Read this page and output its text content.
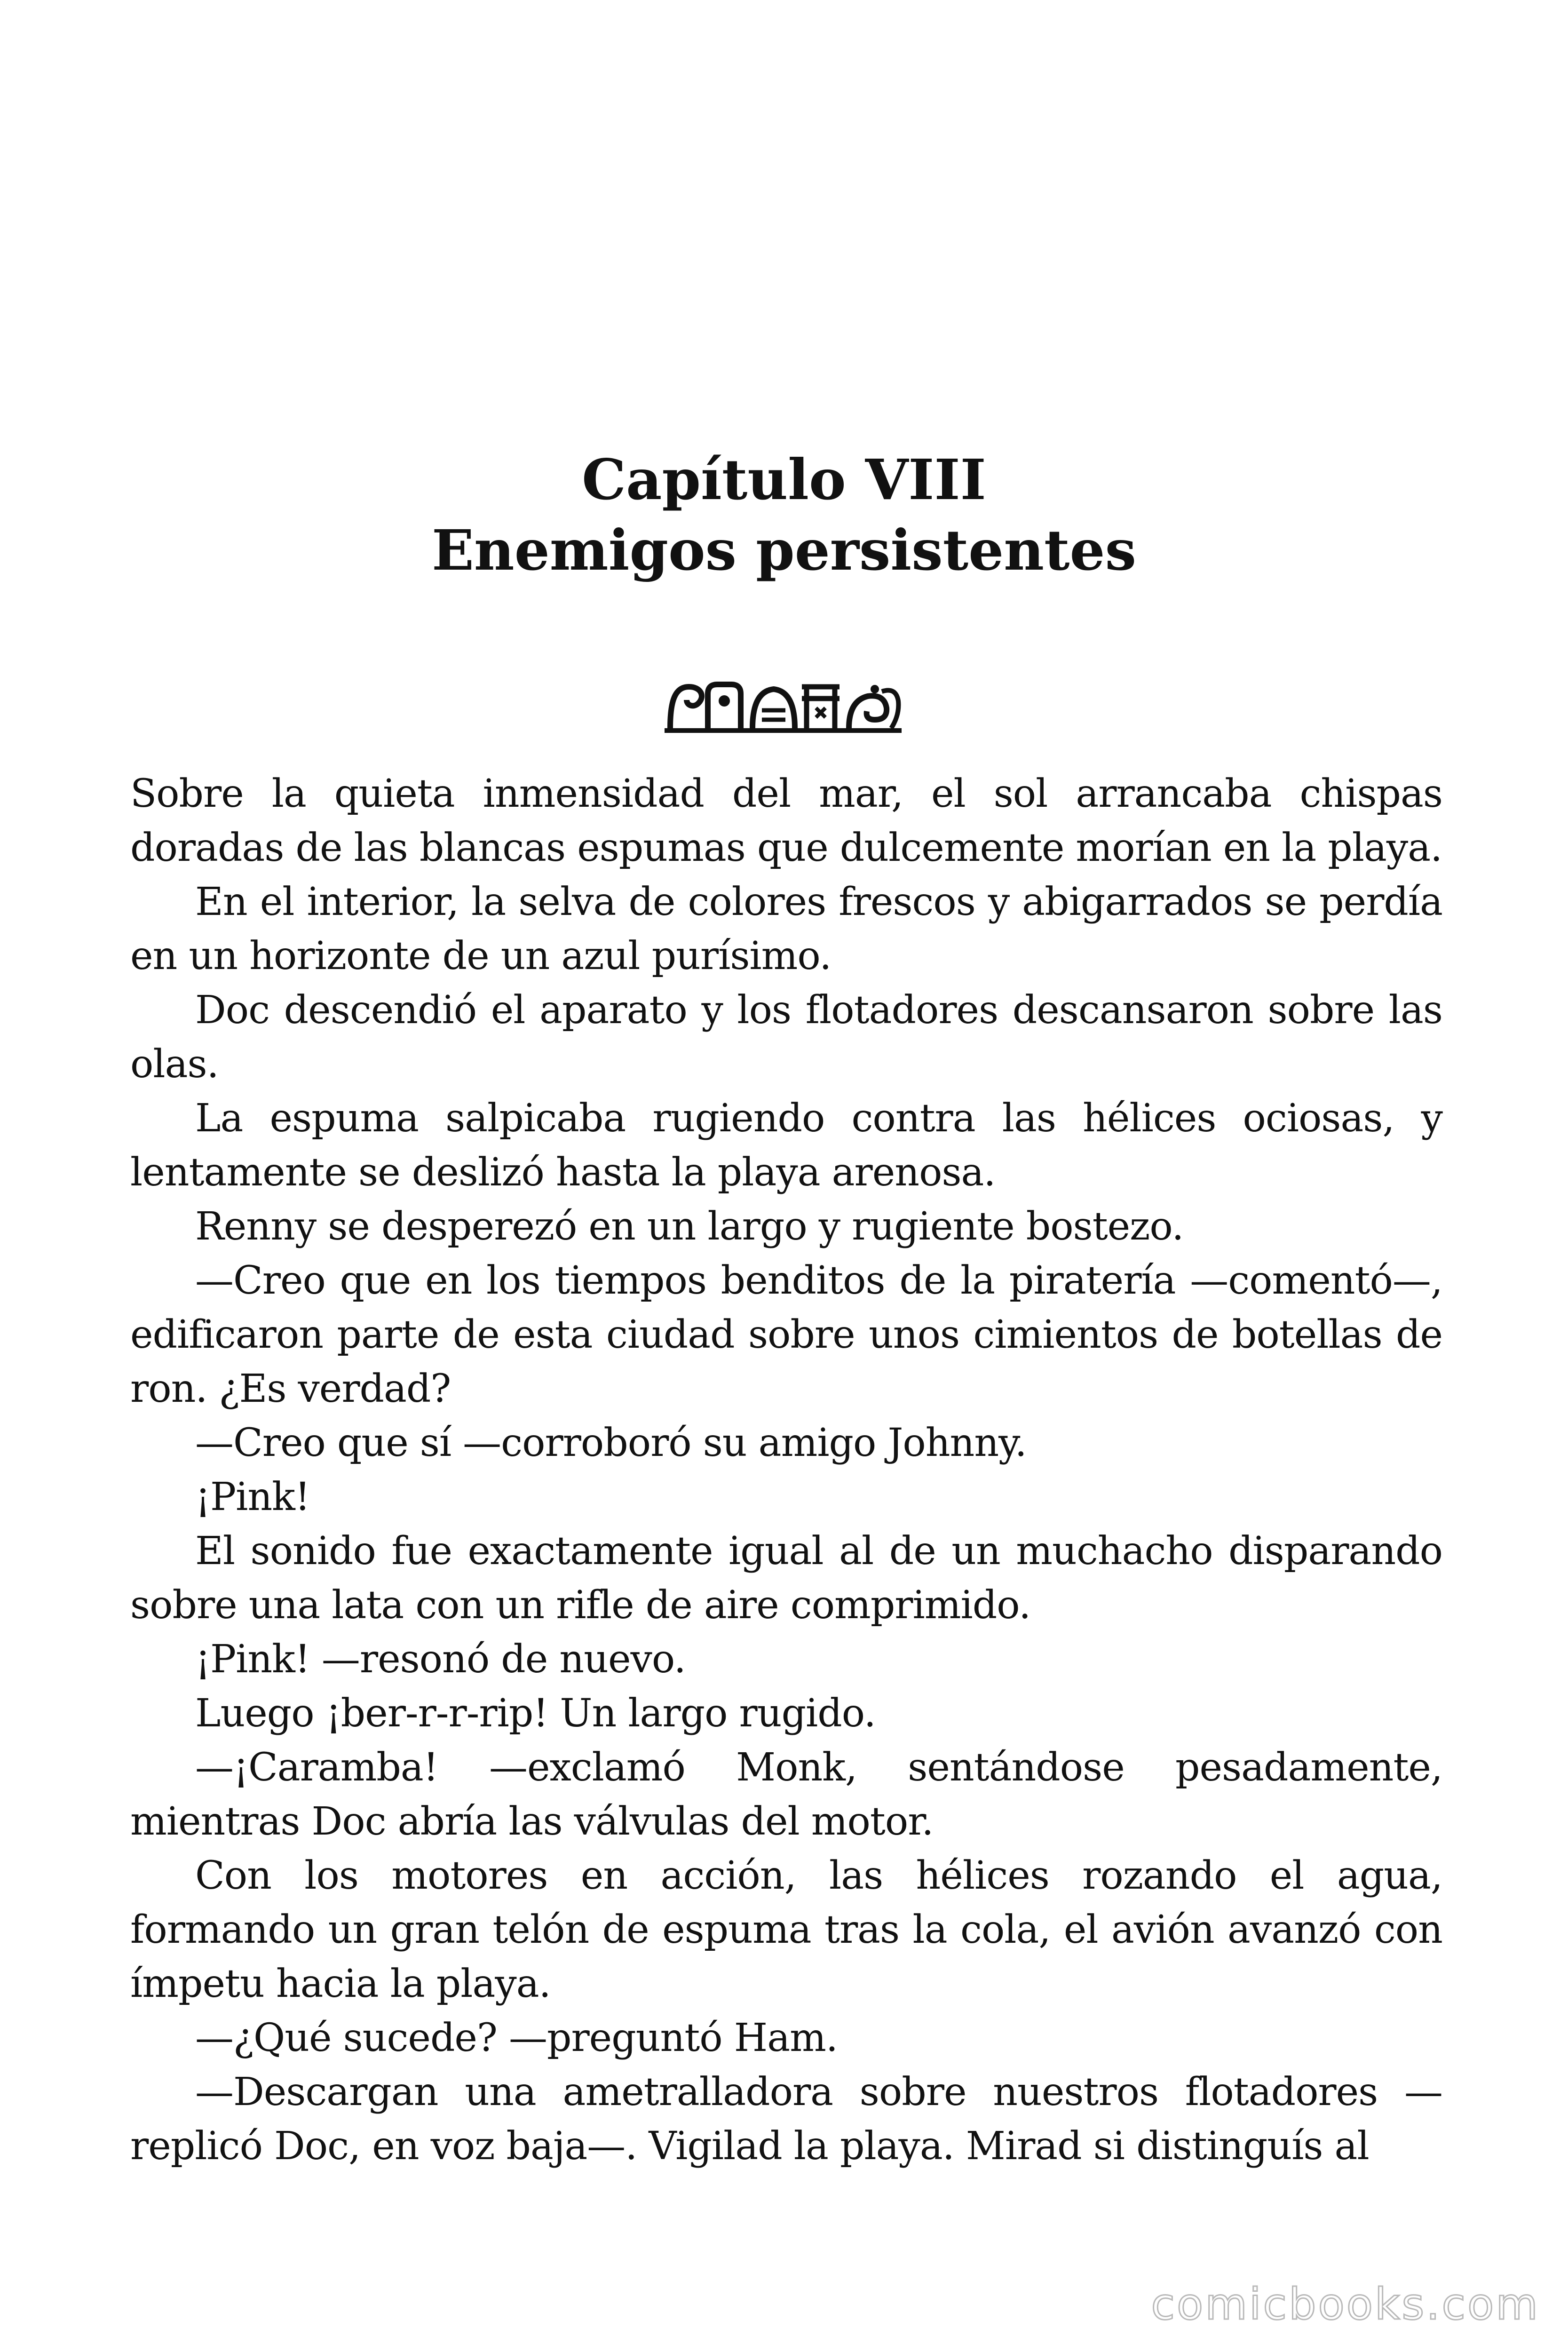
Capítulo VIII
Enemigos persistentes

Sobre la quieta inmensidad del mar, el sol arrancaba chispas doradas de las blancas espumas que dulcemente morían en la playa.

En el interior, la selva de colores frescos y abigarrados se perdía en un horizonte de un azul purísimo.

Doc descendió el aparato y los flotadores descansaron sobre las olas.

La espuma salpicaba rugiendo contra las hélices ociosas, y lentamente se deslizó hasta la playa arenosa.

Renny se desperezó en un largo y rugiente bostezo.

—Creo que en los tiempos benditos de la piratería —comentó—, edificaron parte de esta ciudad sobre unos cimientos de botellas de ron. ¿Es verdad?

—Creo que sí —corroboró su amigo Johnny.

¡Pink!

El sonido fue exactamente igual al de un muchacho disparando sobre una lata con un rifle de aire comprimido.

¡Pink! —resonó de nuevo.

Luego ¡ber-r-r-rip! Un largo rugido.

—¡Caramba! —exclamó Monk, sentándose pesadamente, mientras Doc abría las válvulas del motor.

Con los motores en acción, las hélices rozando el agua, formando un gran telón de espuma tras la cola, el avión avanzó con ímpetu hacia la playa.

—¿Qué sucede? —preguntó Ham.

—Descargan una ametralladora sobre nuestros flotadores —replicó Doc, en voz baja—. Vigilad la playa. Mirad si distinguís al

comicbooks.com
